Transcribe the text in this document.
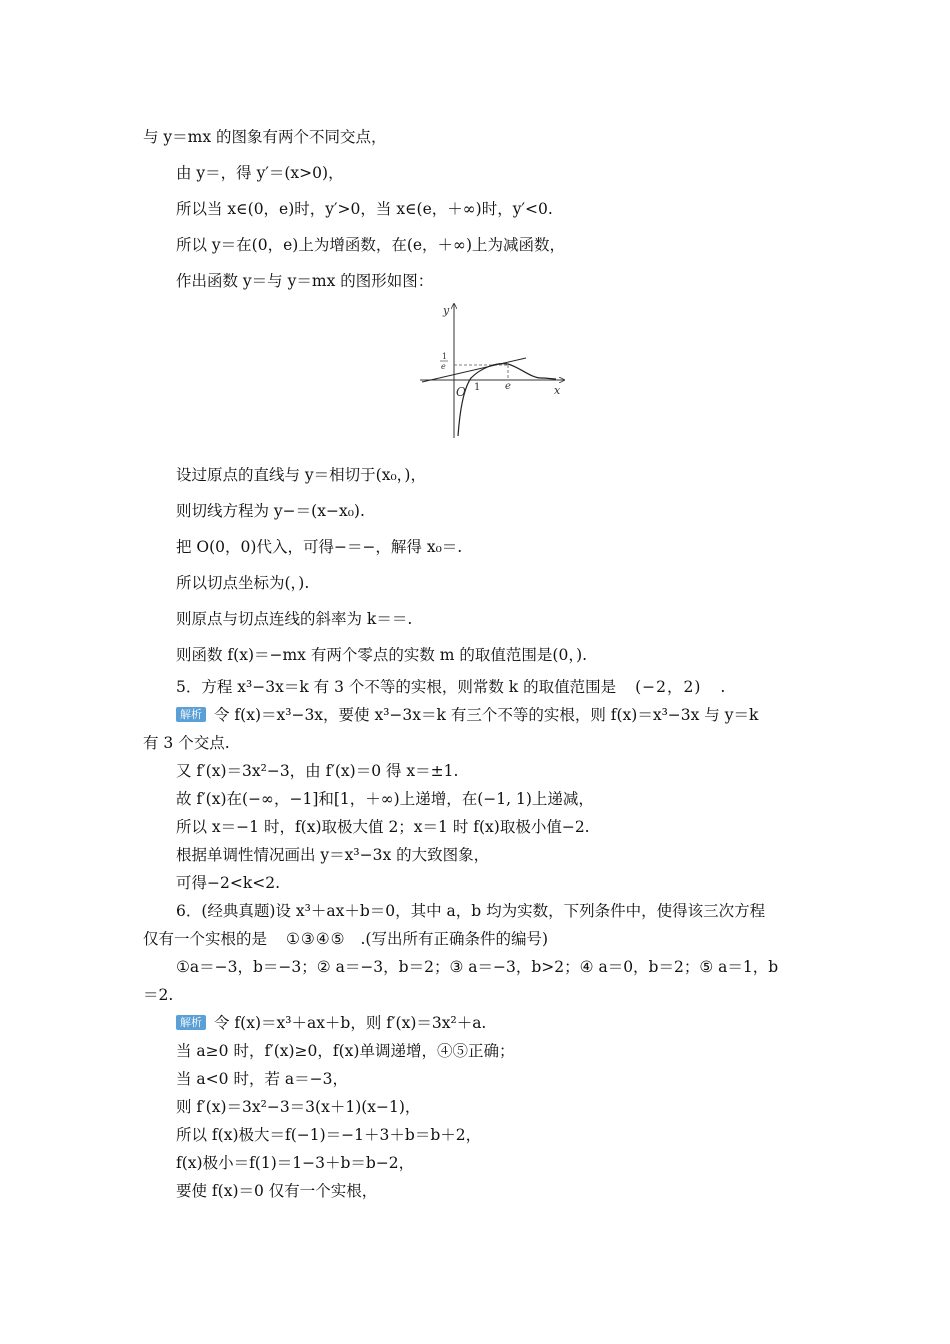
与 y＝mx 的图象有两个不同交点，
由 y＝，得 y′＝(x>0)，
所以当 x∈(0，e)时，y′>0，当 x∈(e，＋∞)时，y′<0.
所以 y＝在(0，e)上为增函数，在(e，＋∞)上为减函数，
作出函数 y＝与 y＝mx 的图形如图：
y
x
O 1 e
1
e
设过原点的直线与 y＝相切于(x₀，)，
则切线方程为 y−＝(x−x₀).
把 O(0，0)代入，可得−＝−，解得 x₀＝.
所以切点坐标为(，).
则原点与切点连线的斜率为 k＝＝.
则函数 f(x)＝−mx 有两个零点的实数 m 的取值范围是(0，).
5．方程 x³−3x＝k 有 3 个不等的实根，则常数 k 的取值范围是 (−2，2) .
解析 令 f(x)＝x³−3x，要使 x³−3x＝k 有三个不等的实根，则 f(x)＝x³−3x 与 y＝k
有 3 个交点.
又 f′(x)＝3x²−3，由 f′(x)＝0 得 x＝±1.
故 f′(x)在(−∞，−1]和[1，＋∞)上递增，在(−1, 1)上递减，
所以 x＝−1 时，f(x)取极大值 2；x＝1 时 f(x)取极小值−2.
根据单调性情况画出 y＝x³−3x 的大致图象，
可得−2<k<2.
6．(经典真题)设 x³＋ax＋b＝0，其中 a，b 均为实数，下列条件中，使得该三次方程
仅有一个实根的是 ①③④⑤ .(写出所有正确条件的编号)
①a＝−3，b＝−3；② a＝−3，b＝2；③ a＝−3，b>2；④ a＝0，b＝2；⑤ a＝1，b
＝2.
解析 令 f(x)＝x³＋ax＋b，则 f′(x)＝3x²＋a.
当 a≥0 时，f′(x)≥0，f(x)单调递增，④⑤正确；
当 a<0 时，若 a＝−3，
则 f′(x)＝3x²−3＝3(x＋1)(x−1)，
所以 f(x)极大＝f(−1)＝−1＋3＋b＝b＋2，
f(x)极小＝f(1)＝1−3＋b＝b−2，
要使 f(x)＝0 仅有一个实根，
